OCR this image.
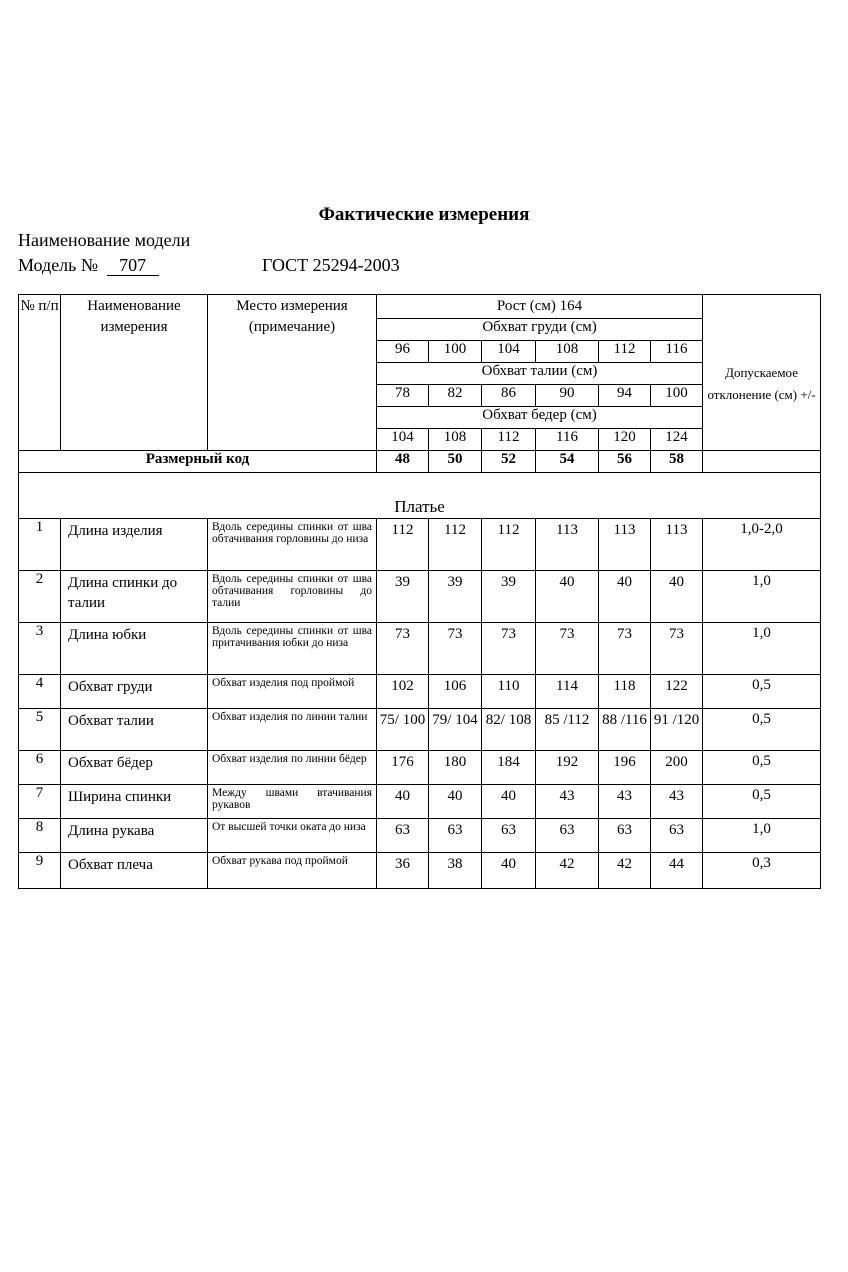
Фактические измерения
Наименование модели
Модель № 707	ГОСТ 25294-2003
№ п/п	Наименование измерения	Место измерения (примечание)	Рост (см) 164						
			Обхват груди (см)						Допускаемое отклонение (см) +/-
			96	100	104	108	112	116	
			Обхват талии (см)						
			78	82	86	90	94	100	
			Обхват бедер (см)						
			104	108	112	116	120	124	
Размерный код			48	50	52	54	56	58	
Платье									
1	Длина изделия	Вдоль середины спинки от шва обтачивания горловины до низа	112	112	112	113	113	113	1,0-2,0
2	Длина спинки до талии	Вдоль середины спинки от шва обтачивания горловины до талии	39	39	39	40	40	40	1,0
3	Длина юбки	Вдоль середины спинки от шва притачивания юбки до низа	73	73	73	73	73	73	1,0
4	Обхват груди	Обхват изделия под проймой	102	106	110	114	118	122	0,5
5	Обхват талии	Обхват изделия по линии талии	75/ 100	79/ 104	82/ 108	85 /112	88 /116	91 /120	0,5
6	Обхват бёдер	Обхват изделия по линии бёдер	176	180	184	192	196	200	0,5
7	Ширина спинки	Между швами втачивания рукавов	40	40	40	43	43	43	0,5
8	Длина рукава	От высшей точки оката до низа	63	63	63	63	63	63	1,0
9	Обхват плеча	Обхват рукава под проймой	36	38	40	42	42	44	0,3
